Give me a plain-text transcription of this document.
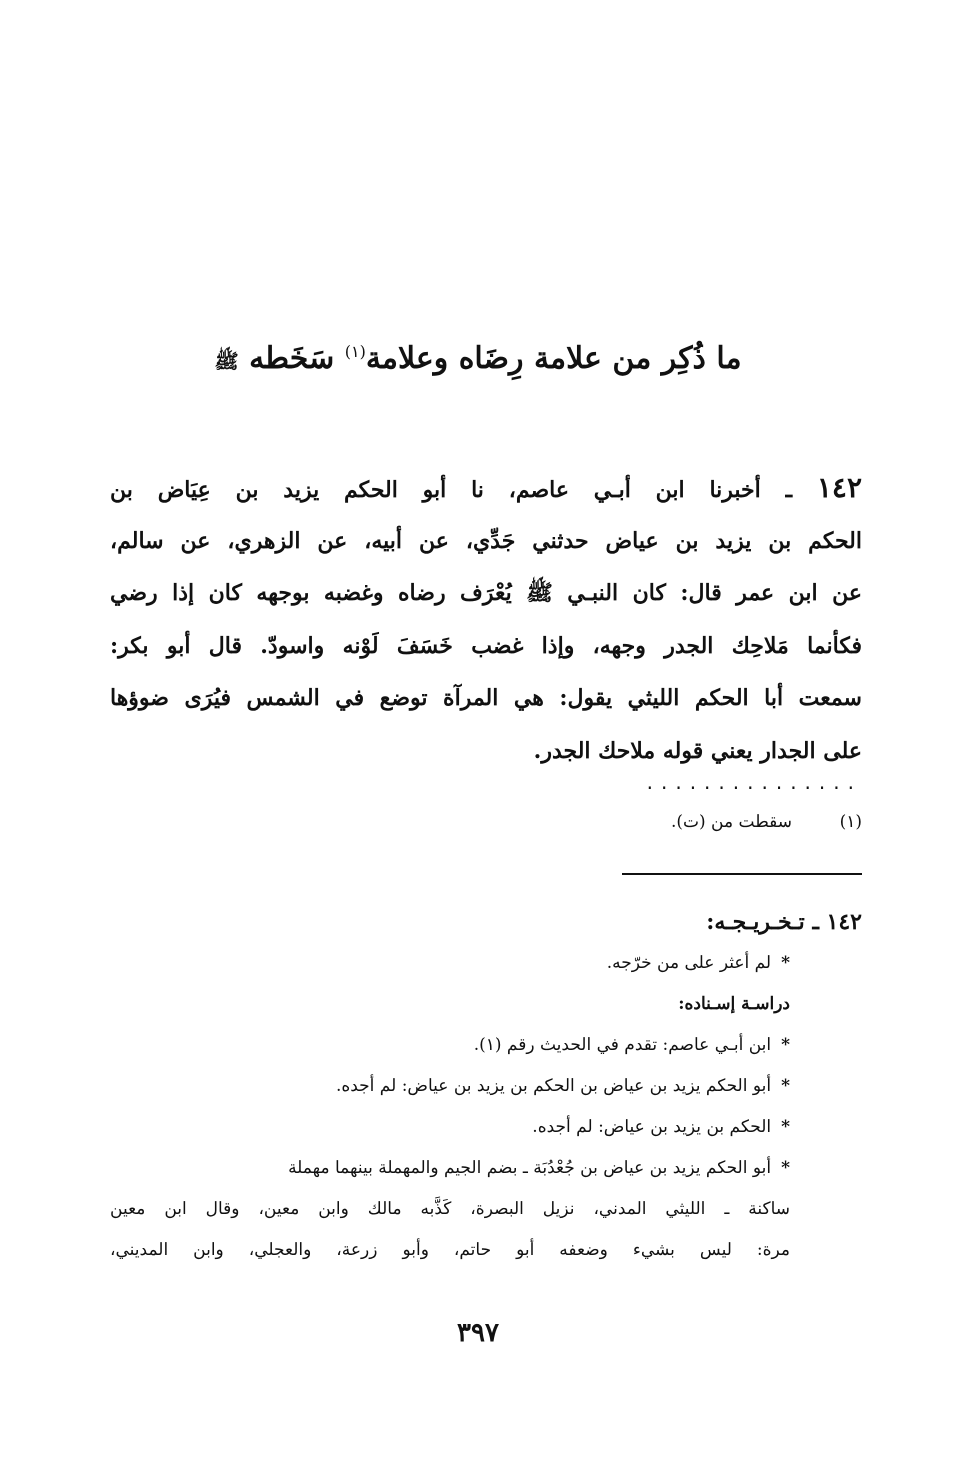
ما ذُكِر من علامة رِضَاه وعلامة$^{(١)}$ سَخَطه ﷺ
١٤٢ ـ أخبرنا ابن أبـي عاصم، نا أبو الحكم يزيد بن عِيَاض بن
الحكم بن يزيد بن عياض حدثني جَدِّي، عن أبيه، عن الزهري، عن سالم،
عن ابن عمر قال: كان النبـي ﷺ يُعْرَف رضاه وغضبه بوجهه كان إذا رضي
فكأنما مَلاحِك الجدر وجهه، وإذا غضب خَسَفَ لَوْنه واسودّ. قال أبو بكر:
سمعت أبا الحكم الليثي يقول: هي المرآة توضع في الشمس فيُرَى ضوؤها
على الجدار يعني قوله ملاحك الجدر.
...............
(١)سقطت من (ت).
١٤٢ ـ تـخـريـجـه:
*لم أعثر على من خرّجه.
دراسـة إسـناده:
*ابن أبـي عاصم: تقدم في الحديث رقم (١).
*أبو الحكم يزيد بن عياض بن الحكم بن يزيد بن عياض: لم أجده.
*الحكم بن يزيد بن عياض: لم أجده.
*أبو الحكم يزيد بن عياض بن جُعْدُبَة ـ بضم الجيم والمهملة بينهما مهملة
ساكنة ـ الليثي المدني، نزيل البصرة، كَذَّبه مالك وابن معين، وقال ابن معين
مرة: ليس بشيء وضعفه أبو حاتم، وأبو زرعة، والعجلي، وابن المديني،
٣٩٧
